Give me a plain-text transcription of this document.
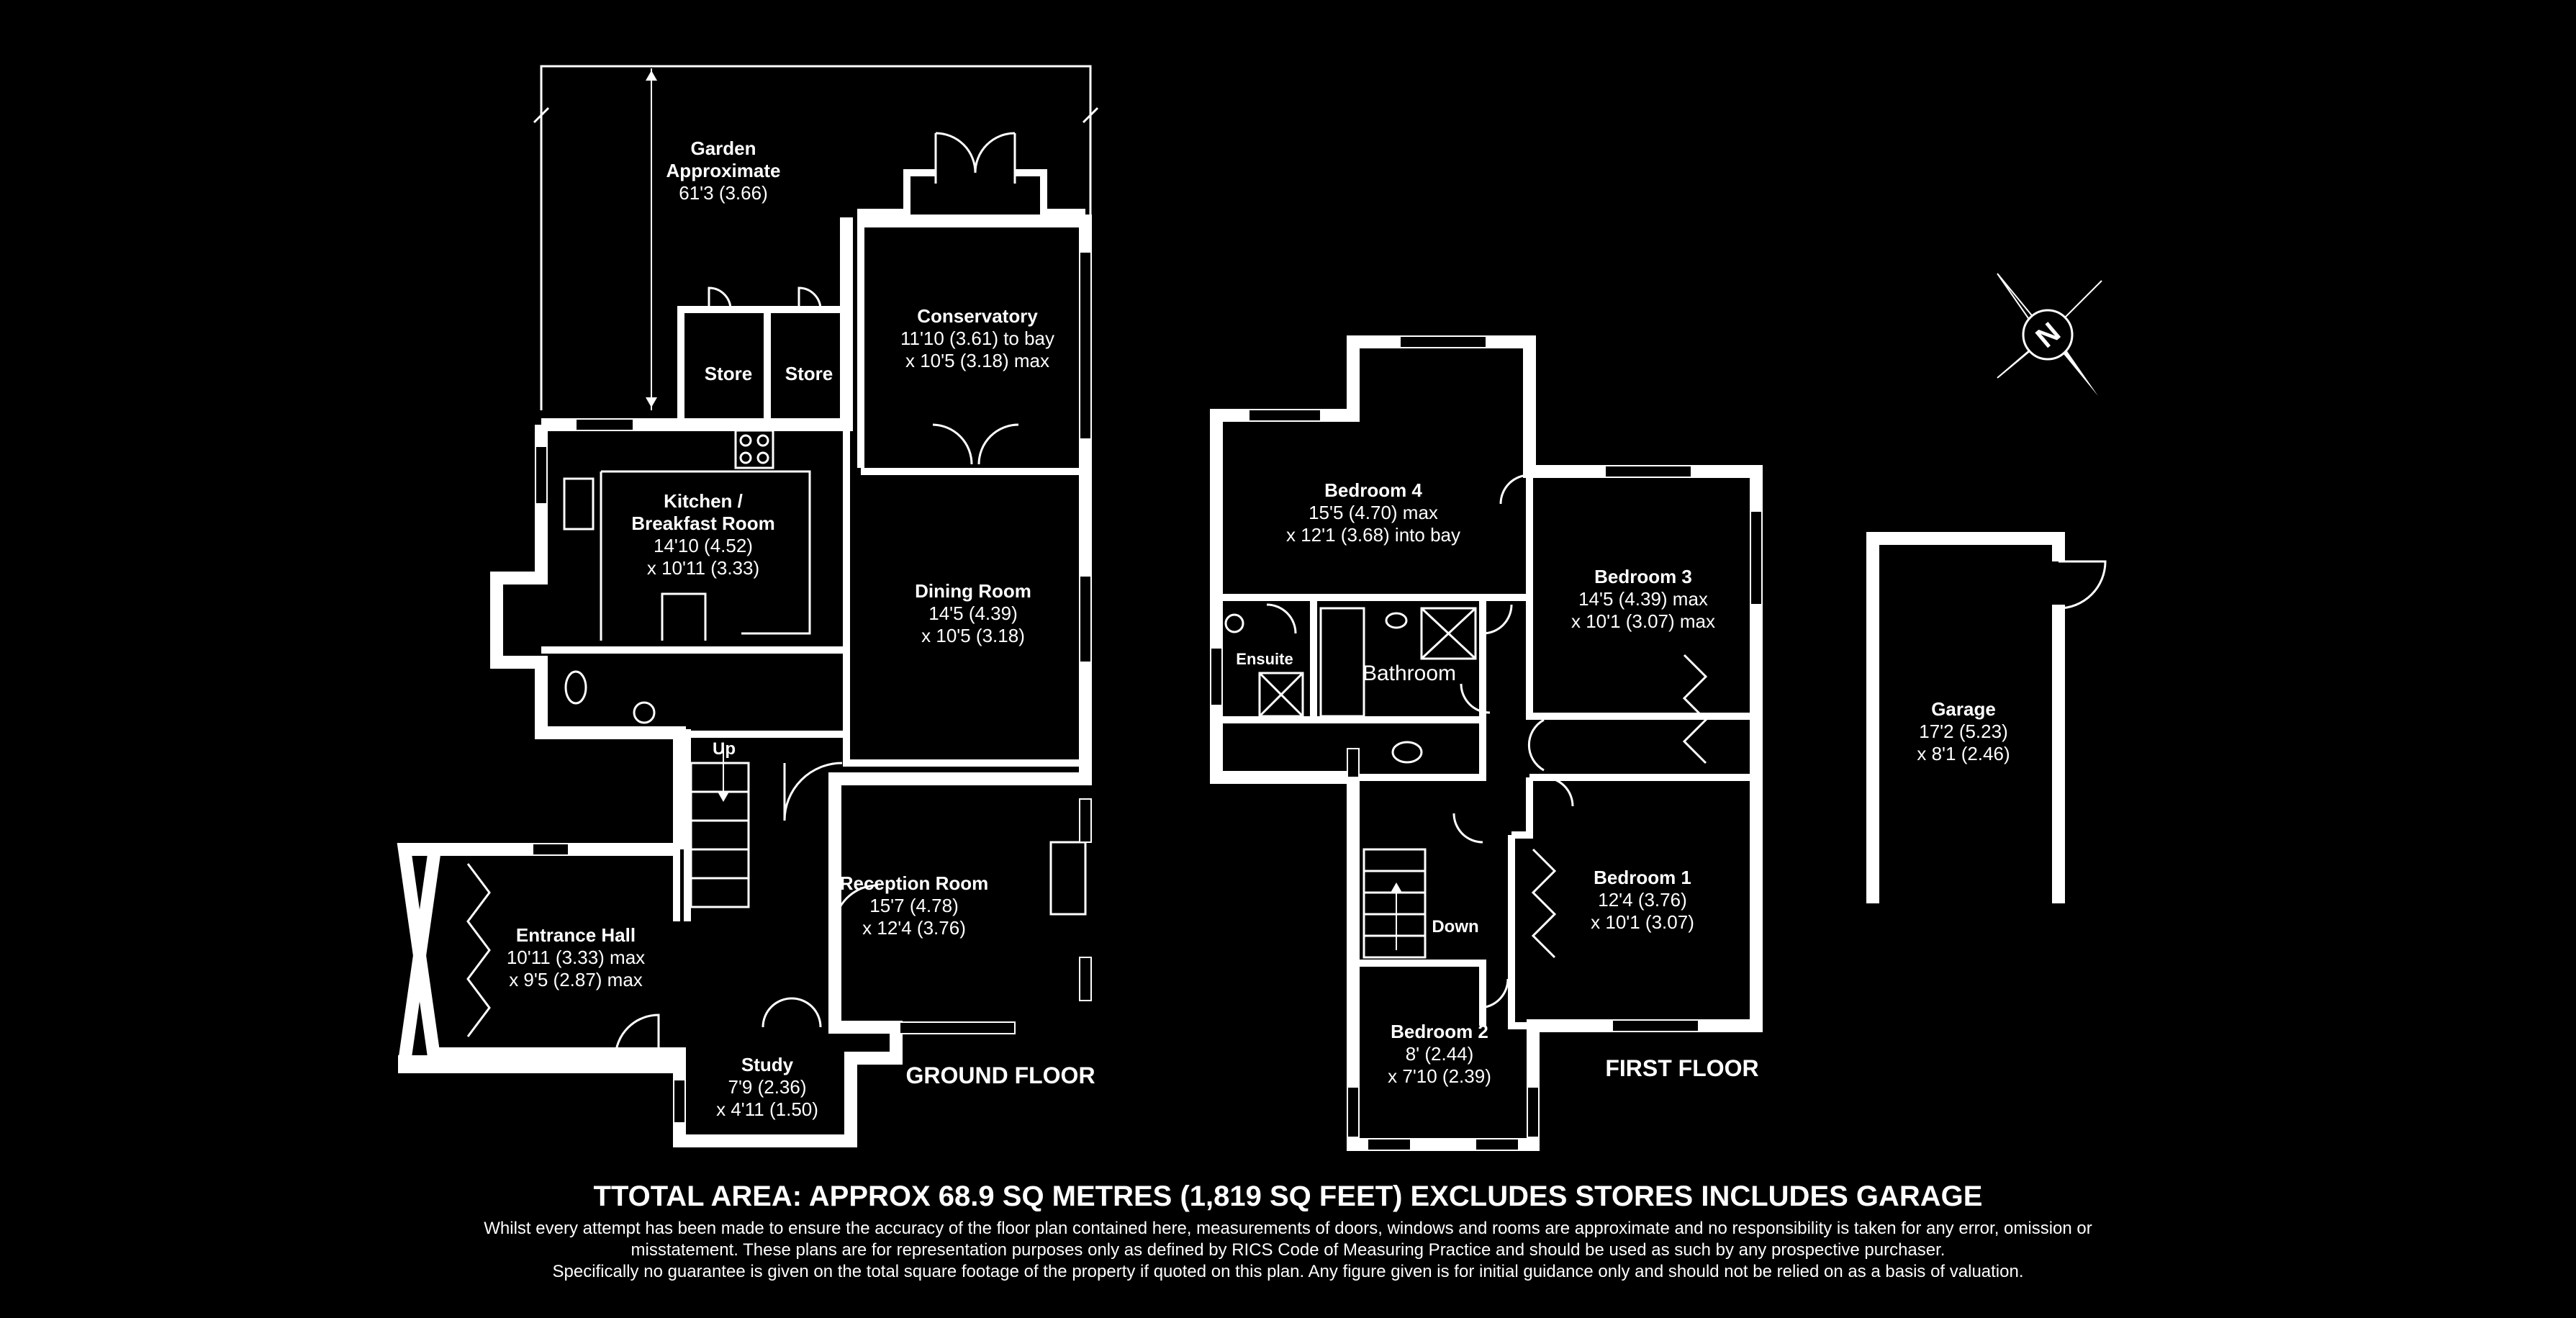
N
Garden
Approximate
61'3 (3.66)
Store Store
Conservatory
11'10 (3.61) to bay
x 10'5 (3.18) max
Kitchen /
Breakfast Room
14'10 (4.52)
x 10'11 (3.33)
Dining Room
14'5 (4.39)
x 10'5 (3.18)
Up
Reception Room
15'7 (4.78)
x 12'4 (3.76)
Entrance Hall
10'11 (3.33) max
x 9'5 (2.87) max
Study
7'9 (2.36)
x 4'11 (1.50)
GROUND FLOOR
Bedroom 4
15'5 (4.70) max
x 12'1 (3.68) into bay
Ensuite
Bathroom
Bedroom 3
14'5 (4.39) max
x 10'1 (3.07) max
Bedroom 1
12'4 (3.76)
x 10'1 (3.07)
Down
Bedroom 2
8' (2.44)
x 7'10 (2.39)	FIRST FLOOR
Garage
17'2 (5.23)
x 8'1 (2.46)
TTOTAL AREA: APPROX 68.9 SQ METRES (1,819 SQ FEET) EXCLUDES STORES INCLUDES GARAGE
Whilst every attempt has been made to ensure the accuracy of the floor plan contained here, measurements of doors, windows and rooms are approximate and no responsibility is taken for any error, omission or
misstatement. These plans are for representation purposes only as defined by RICS Code of Measuring Practice and should be used as such by any prospective purchaser.
Specifically no guarantee is given on the total square footage of the property if quoted on this plan. Any figure given is for initial guidance only and should not be relied on as a basis of valuation.
